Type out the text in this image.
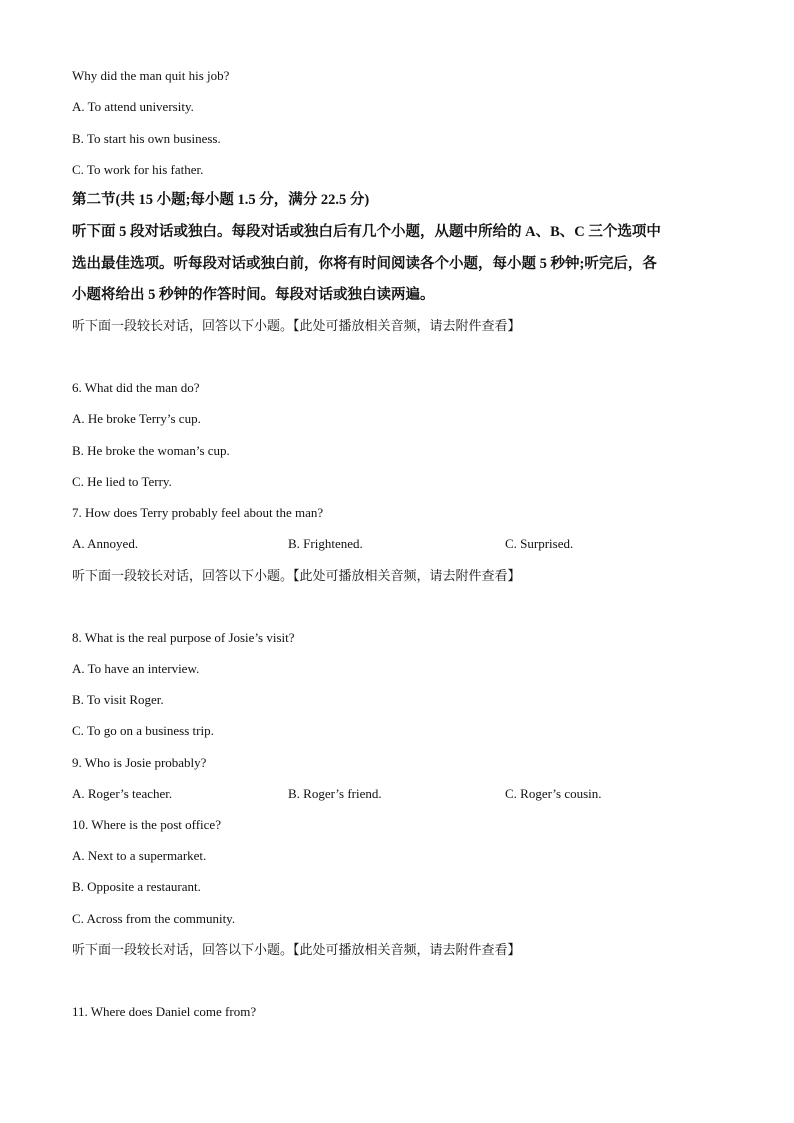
Why did the man quit his job?
A. To attend university.
B. To start his own business.
C. To work for his father.
第二节(共 15 小题;每小题 1.5 分，满分 22.5 分)
听下面 5 段对话或独白。每段对话或独白后有几个小题，从题中所给的 A、B、C 三个选项中
选出最佳选项。听每段对话或独白前，你将有时间阅读各个小题，每小题 5 秒钟;听完后，各
小题将给出 5 秒钟的作答时间。每段对话或独白读两遍。
听下面一段较长对话，回答以下小题。【此处可播放相关音频，请去附件查看】
6. What did the man do?
A. He broke Terry’s cup.
B. He broke the woman’s cup.
C. He lied to Terry.
7. How does Terry probably feel about the man?
A. Annoyed.	B. Frightened.	C. Surprised.
听下面一段较长对话，回答以下小题。【此处可播放相关音频，请去附件查看】
8. What is the real purpose of Josie’s visit?
A. To have an interview.
B. To visit Roger.
C. To go on a business trip.
9. Who is Josie probably?
A. Roger’s teacher.	B. Roger’s friend.	C. Roger’s cousin.
10. Where is the post office?
A. Next to a supermarket.
B. Opposite a restaurant.
C. Across from the community.
听下面一段较长对话，回答以下小题。【此处可播放相关音频，请去附件查看】
11. Where does Daniel come from?
